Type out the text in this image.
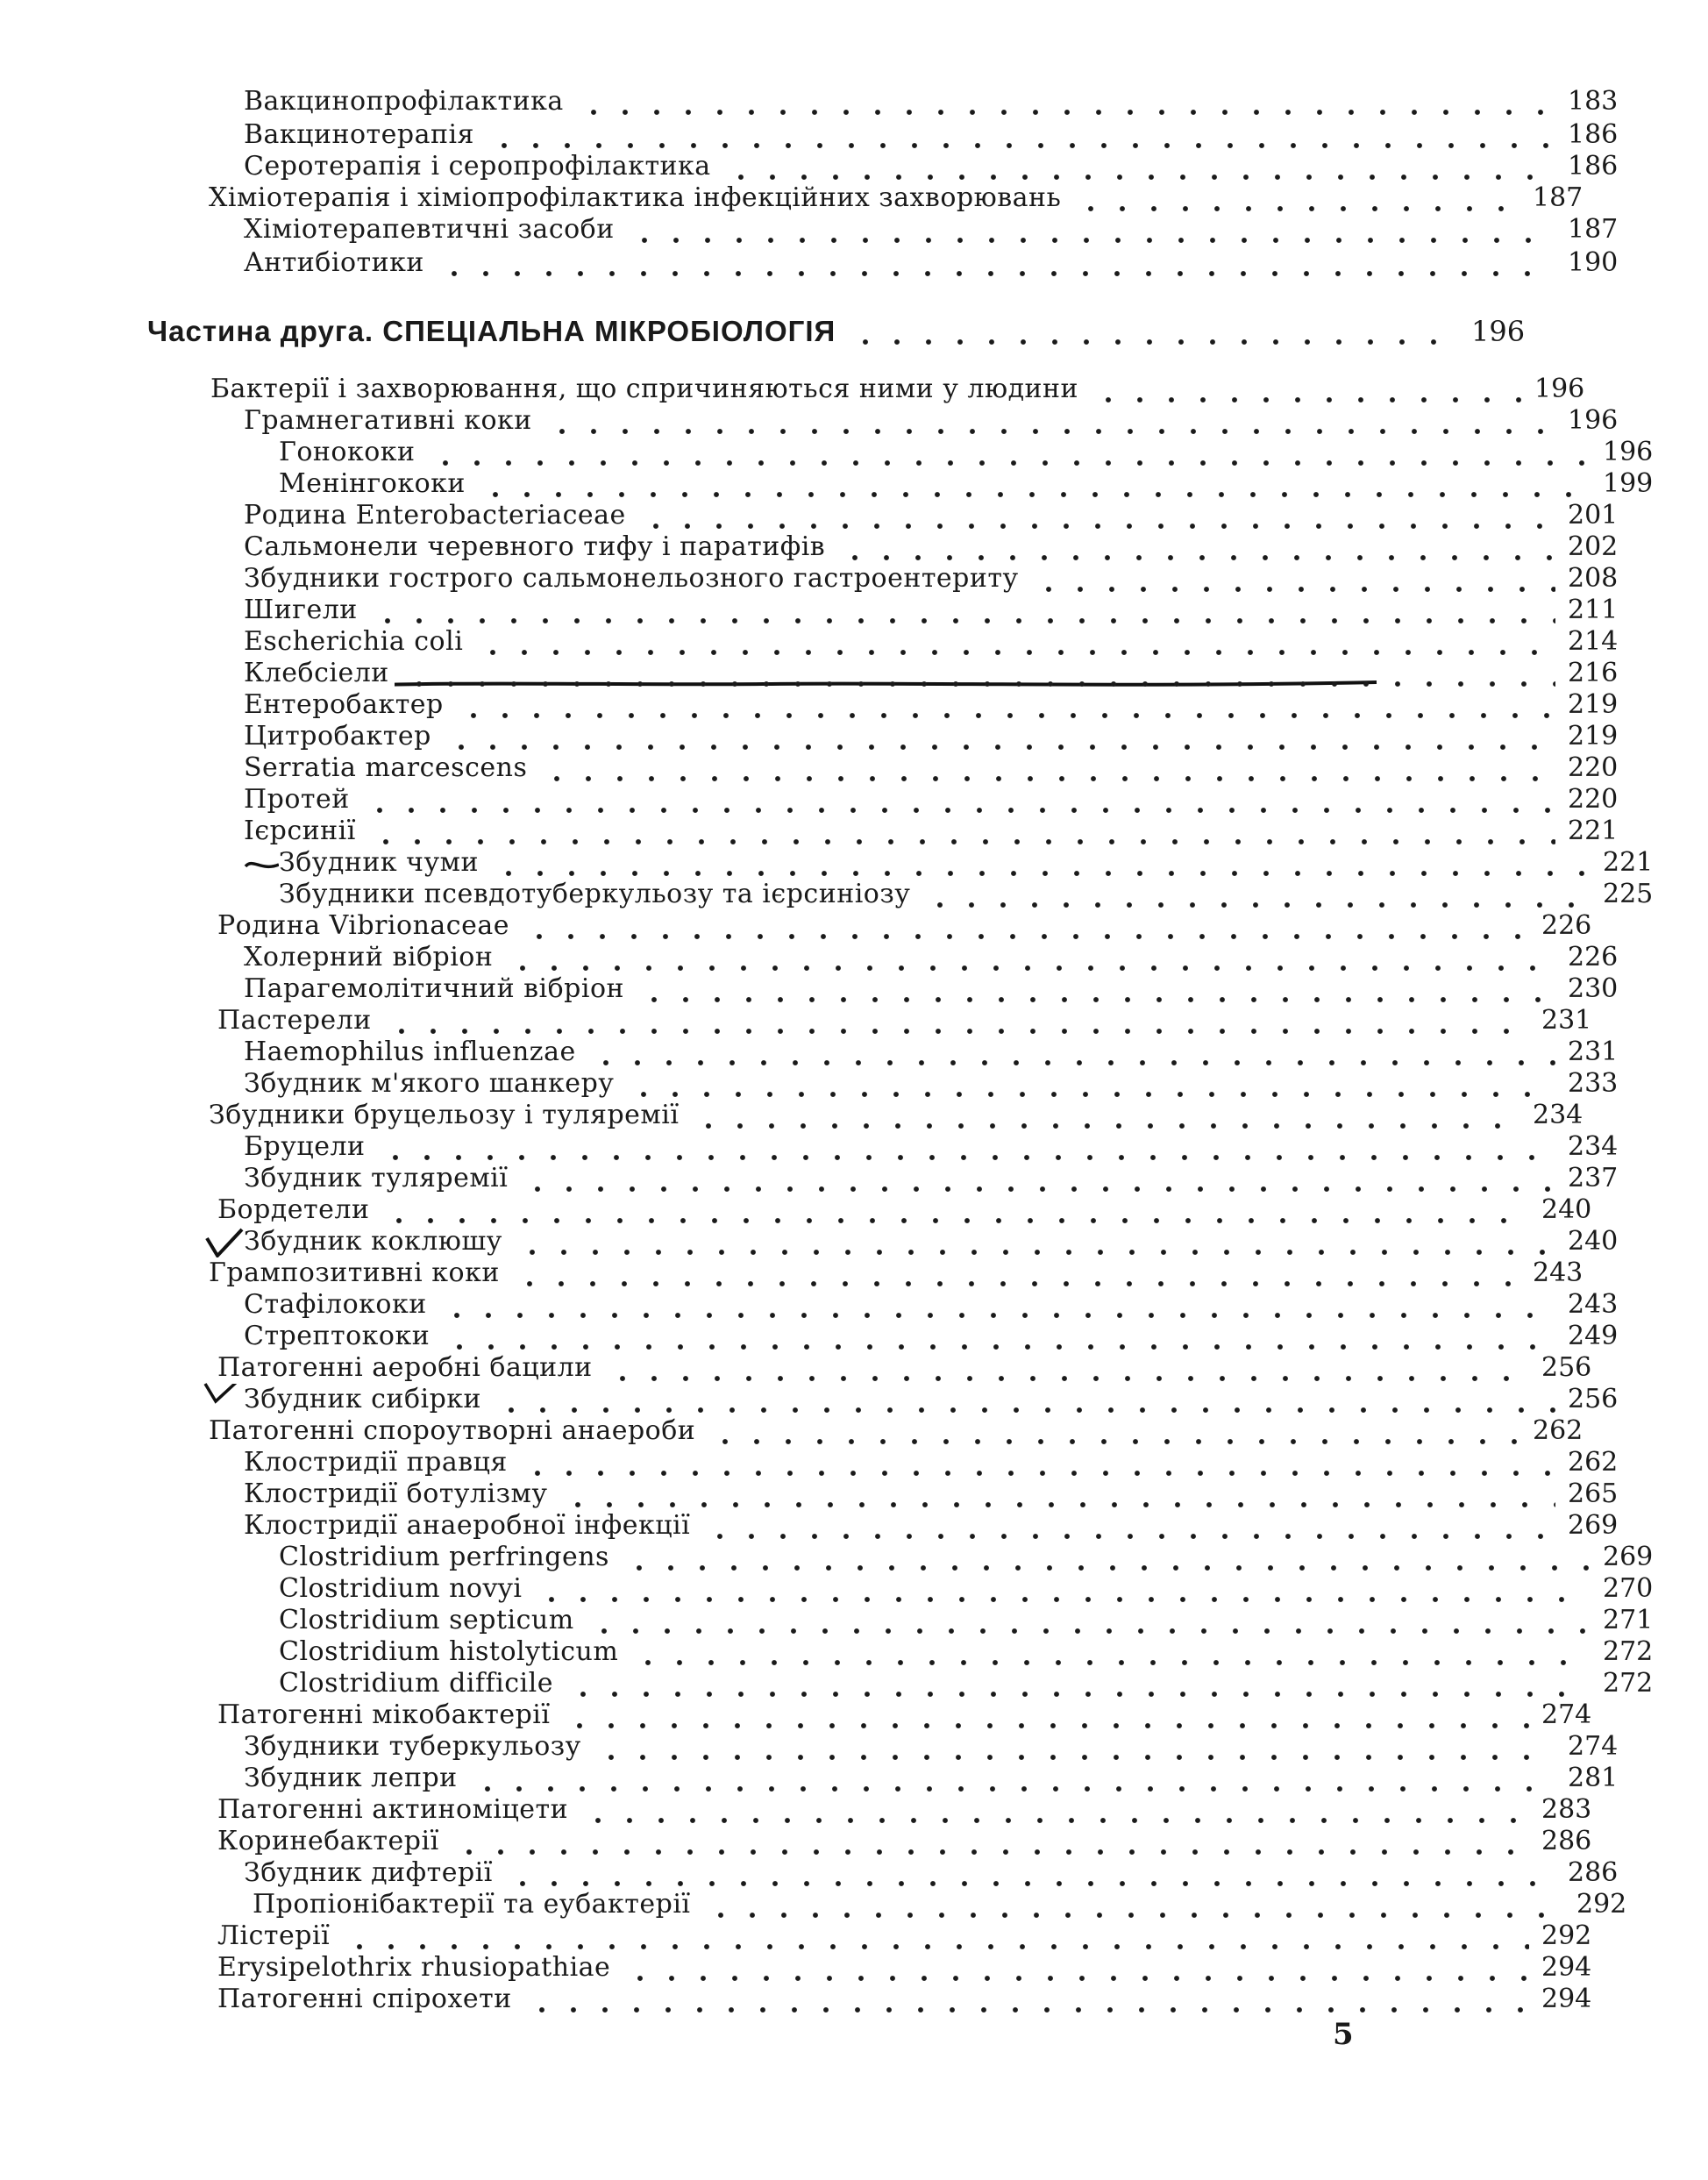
Вакцинопрофілактика	183
Вакцинотерапія	186
Серотерапія і серопрофілактика	186
Хіміотерапія і хіміопрофілактика інфекційних захворювань	187
Хіміотерапевтичні засоби	187
Антибіотики	190
Частина друга. СПЕЦІАЛЬНА МІКРОБІОЛОГІЯ	196
Бактерії і захворювання, що спричиняються ними у людини	196
Грамнегативні коки	196
Гонококи	196
Менінгококи	199
Родина Enterobacteriaceae	201
Сальмонели черевного тифу і паратифів	202
Збудники гострого сальмонельозного гастроентериту	208
Шигели	211
Escherichia coli	214
Клебсіели	216
Ентеробактер	219
Цитробактер	219
Serratia marcescens	220
Протей	220
Ієрсинії	221
Збудник чуми	221
Збудники псевдотуберкульозу та ієрсиніозу	225
Родина Vibrionaceae	226
Холерний вібріон	226
Парагемолітичний вібріон	230
Пастерели	231
Haemophilus influenzae	231
Збудник м'якого шанкеру	233
Збудники бруцельозу і туляремії	234
Бруцели	234
Збудник туляремії	237
Бордетели	240
Збудник коклюшу	240
Грампозитивні коки	243
Стафілококи	243
Стрептококи	249
Патогенні аеробні бацили	256
Збудник сибірки	256
Патогенні спороутворні анаероби	262
Клостридії правця	262
Клостридії ботулізму	265
Клостридії анаеробної інфекції	269
Clostridium perfringens	269
Clostridium novyi	270
Clostridium septicum	271
Clostridium histolyticum	272
Clostridium difficile	272
Патогенні мікобактерії	274
Збудники туберкульозу	274
Збудник лепри	281
Патогенні актиноміцети	283
Коринебактерії	286
Збудник дифтерії	286
Пропіонібактерії та еубактерії	292
Лістерії	292
Erysipelothrix rhusiopathiae	294
Патогенні спірохети	294
5
